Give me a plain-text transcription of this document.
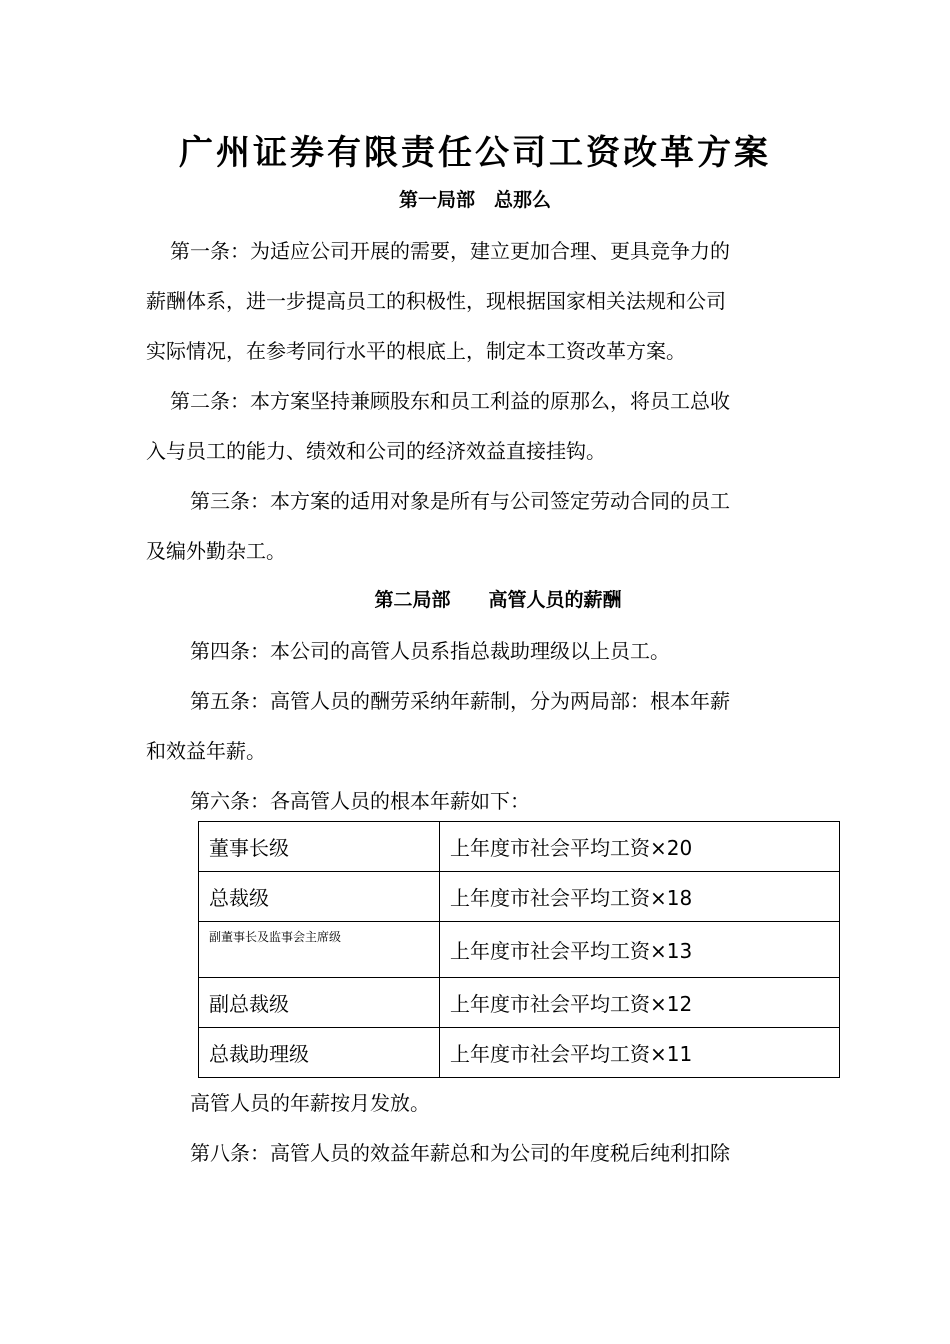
广州证券有限责任公司工资改革方案
第一局部　总那么
第一条：为适应公司开展的需要，建立更加合理、更具竞争力的
薪酬体系，进一步提高员工的积极性，现根据国家相关法规和公司
实际情况，在参考同行水平的根底上，制定本工资改革方案。
第二条：本方案坚持兼顾股东和员工利益的原那么，将员工总收
入与员工的能力、绩效和公司的经济效益直接挂钩。
第三条：本方案的适用对象是所有与公司签定劳动合同的员工
及编外勤杂工。
第二局部　　高管人员的薪酬
第四条：本公司的高管人员系指总裁助理级以上员工。
第五条：高管人员的酬劳采纳年薪制，分为两局部：根本年薪
和效益年薪。
第六条：各高管人员的根本年薪如下：
董事长级	上年度市社会平均工资×20
总裁级	上年度市社会平均工资×18
副董事长及监事会主席级	上年度市社会平均工资×13
副总裁级	上年度市社会平均工资×12
总裁助理级	上年度市社会平均工资×11
高管人员的年薪按月发放。
第八条：高管人员的效益年薪总和为公司的年度税后纯利扣除
